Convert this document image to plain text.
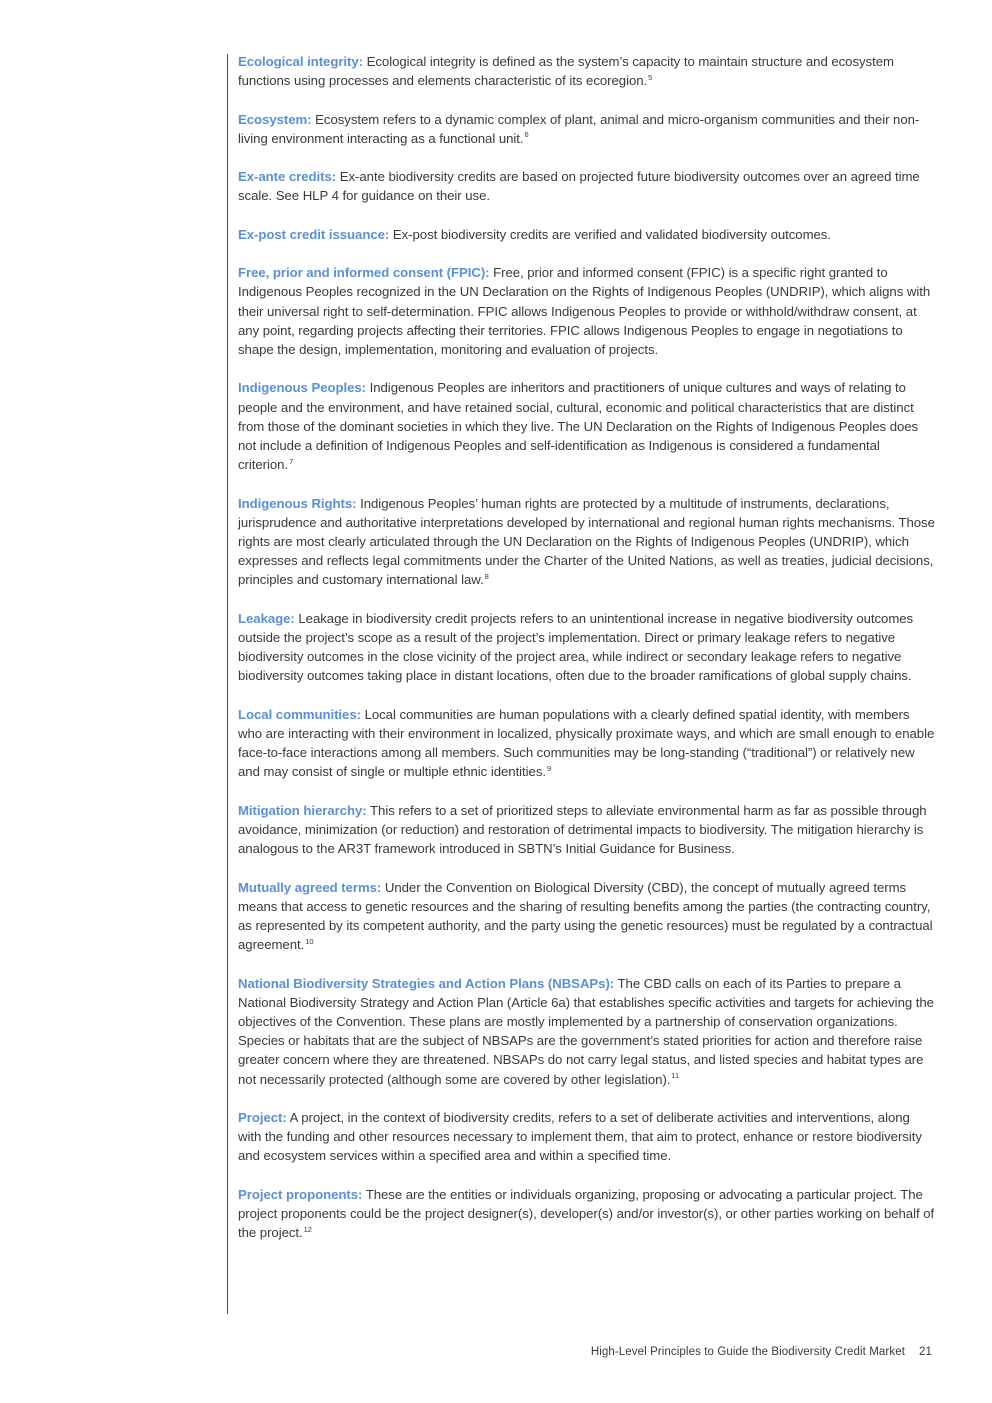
Ecological integrity: Ecological integrity is defined as the system’s capacity to maintain structure and ecosystem functions using processes and elements characteristic of its ecoregion.$^5$

Ecosystem: Ecosystem refers to a dynamic complex of plant, animal and micro-organism communities and their non-living environment interacting as a functional unit.$^6$

Ex-ante credits: Ex-ante biodiversity credits are based on projected future biodiversity outcomes over an agreed time scale. See HLP 4 for guidance on their use.

Ex-post credit issuance: Ex-post biodiversity credits are verified and validated biodiversity outcomes.

Free, prior and informed consent (FPIC): Free, prior and informed consent (FPIC) is a specific right granted to Indigenous Peoples recognized in the UN Declaration on the Rights of Indigenous Peoples (UNDRIP), which aligns with their universal right to self-determination. FPIC allows Indigenous Peoples to provide or withhold/withdraw consent, at any point, regarding projects affecting their territories. FPIC allows Indigenous Peoples to engage in negotiations to shape the design, implementation, monitoring and evaluation of projects.

Indigenous Peoples: Indigenous Peoples are inheritors and practitioners of unique cultures and ways of relating to people and the environment, and have retained social, cultural, economic and political characteristics that are distinct from those of the dominant societies in which they live. The UN Declaration on the Rights of Indigenous Peoples does not include a definition of Indigenous Peoples and self-identification as Indigenous is considered a fundamental criterion.$^7$

Indigenous Rights: Indigenous Peoples’ human rights are protected by a multitude of instruments, declarations, jurisprudence and authoritative interpretations developed by international and regional human rights mechanisms. Those rights are most clearly articulated through the UN Declaration on the Rights of Indigenous Peoples (UNDRIP), which expresses and reflects legal commitments under the Charter of the United Nations, as well as treaties, judicial decisions, principles and customary international law.$^8$

Leakage: Leakage in biodiversity credit projects refers to an unintentional increase in negative biodiversity outcomes outside the project’s scope as a result of the project’s implementation. Direct or primary leakage refers to negative biodiversity outcomes in the close vicinity of the project area, while indirect or secondary leakage refers to negative biodiversity outcomes taking place in distant locations, often due to the broader ramifications of global supply chains.

Local communities: Local communities are human populations with a clearly defined spatial identity, with members who are interacting with their environment in localized, physically proximate ways, and which are small enough to enable face-to-face interactions among all members. Such communities may be long-standing (“traditional”) or relatively new and may consist of single or multiple ethnic identities.$^9$

Mitigation hierarchy: This refers to a set of prioritized steps to alleviate environmental harm as far as possible through avoidance, minimization (or reduction) and restoration of detrimental impacts to biodiversity. The mitigation hierarchy is analogous to the AR3T framework introduced in SBTN’s Initial Guidance for Business.

Mutually agreed terms: Under the Convention on Biological Diversity (CBD), the concept of mutually agreed terms means that access to genetic resources and the sharing of resulting benefits among the parties (the contracting country, as represented by its competent authority, and the party using the genetic resources) must be regulated by a contractual agreement.$^{10}$

National Biodiversity Strategies and Action Plans (NBSAPs): The CBD calls on each of its Parties to prepare a National Biodiversity Strategy and Action Plan (Article 6a) that establishes specific activities and targets for achieving the objectives of the Convention. These plans are mostly implemented by a partnership of conservation organizations. Species or habitats that are the subject of NBSAPs are the government’s stated priorities for action and therefore raise greater concern where they are threatened. NBSAPs do not carry legal status, and listed species and habitat types are not necessarily protected (although some are covered by other legislation).$^{11}$

Project: A project, in the context of biodiversity credits, refers to a set of deliberate activities and interventions, along with the funding and other resources necessary to implement them, that aim to protect, enhance or restore biodiversity and ecosystem services within a specified area and within a specified time.

Project proponents: These are the entities or individuals organizing, proposing or advocating a particular project. The project proponents could be the project designer(s), developer(s) and/or investor(s), or other parties working on behalf of the project.$^{12}$

High-Level Principles to Guide the Biodiversity Credit Market 21
